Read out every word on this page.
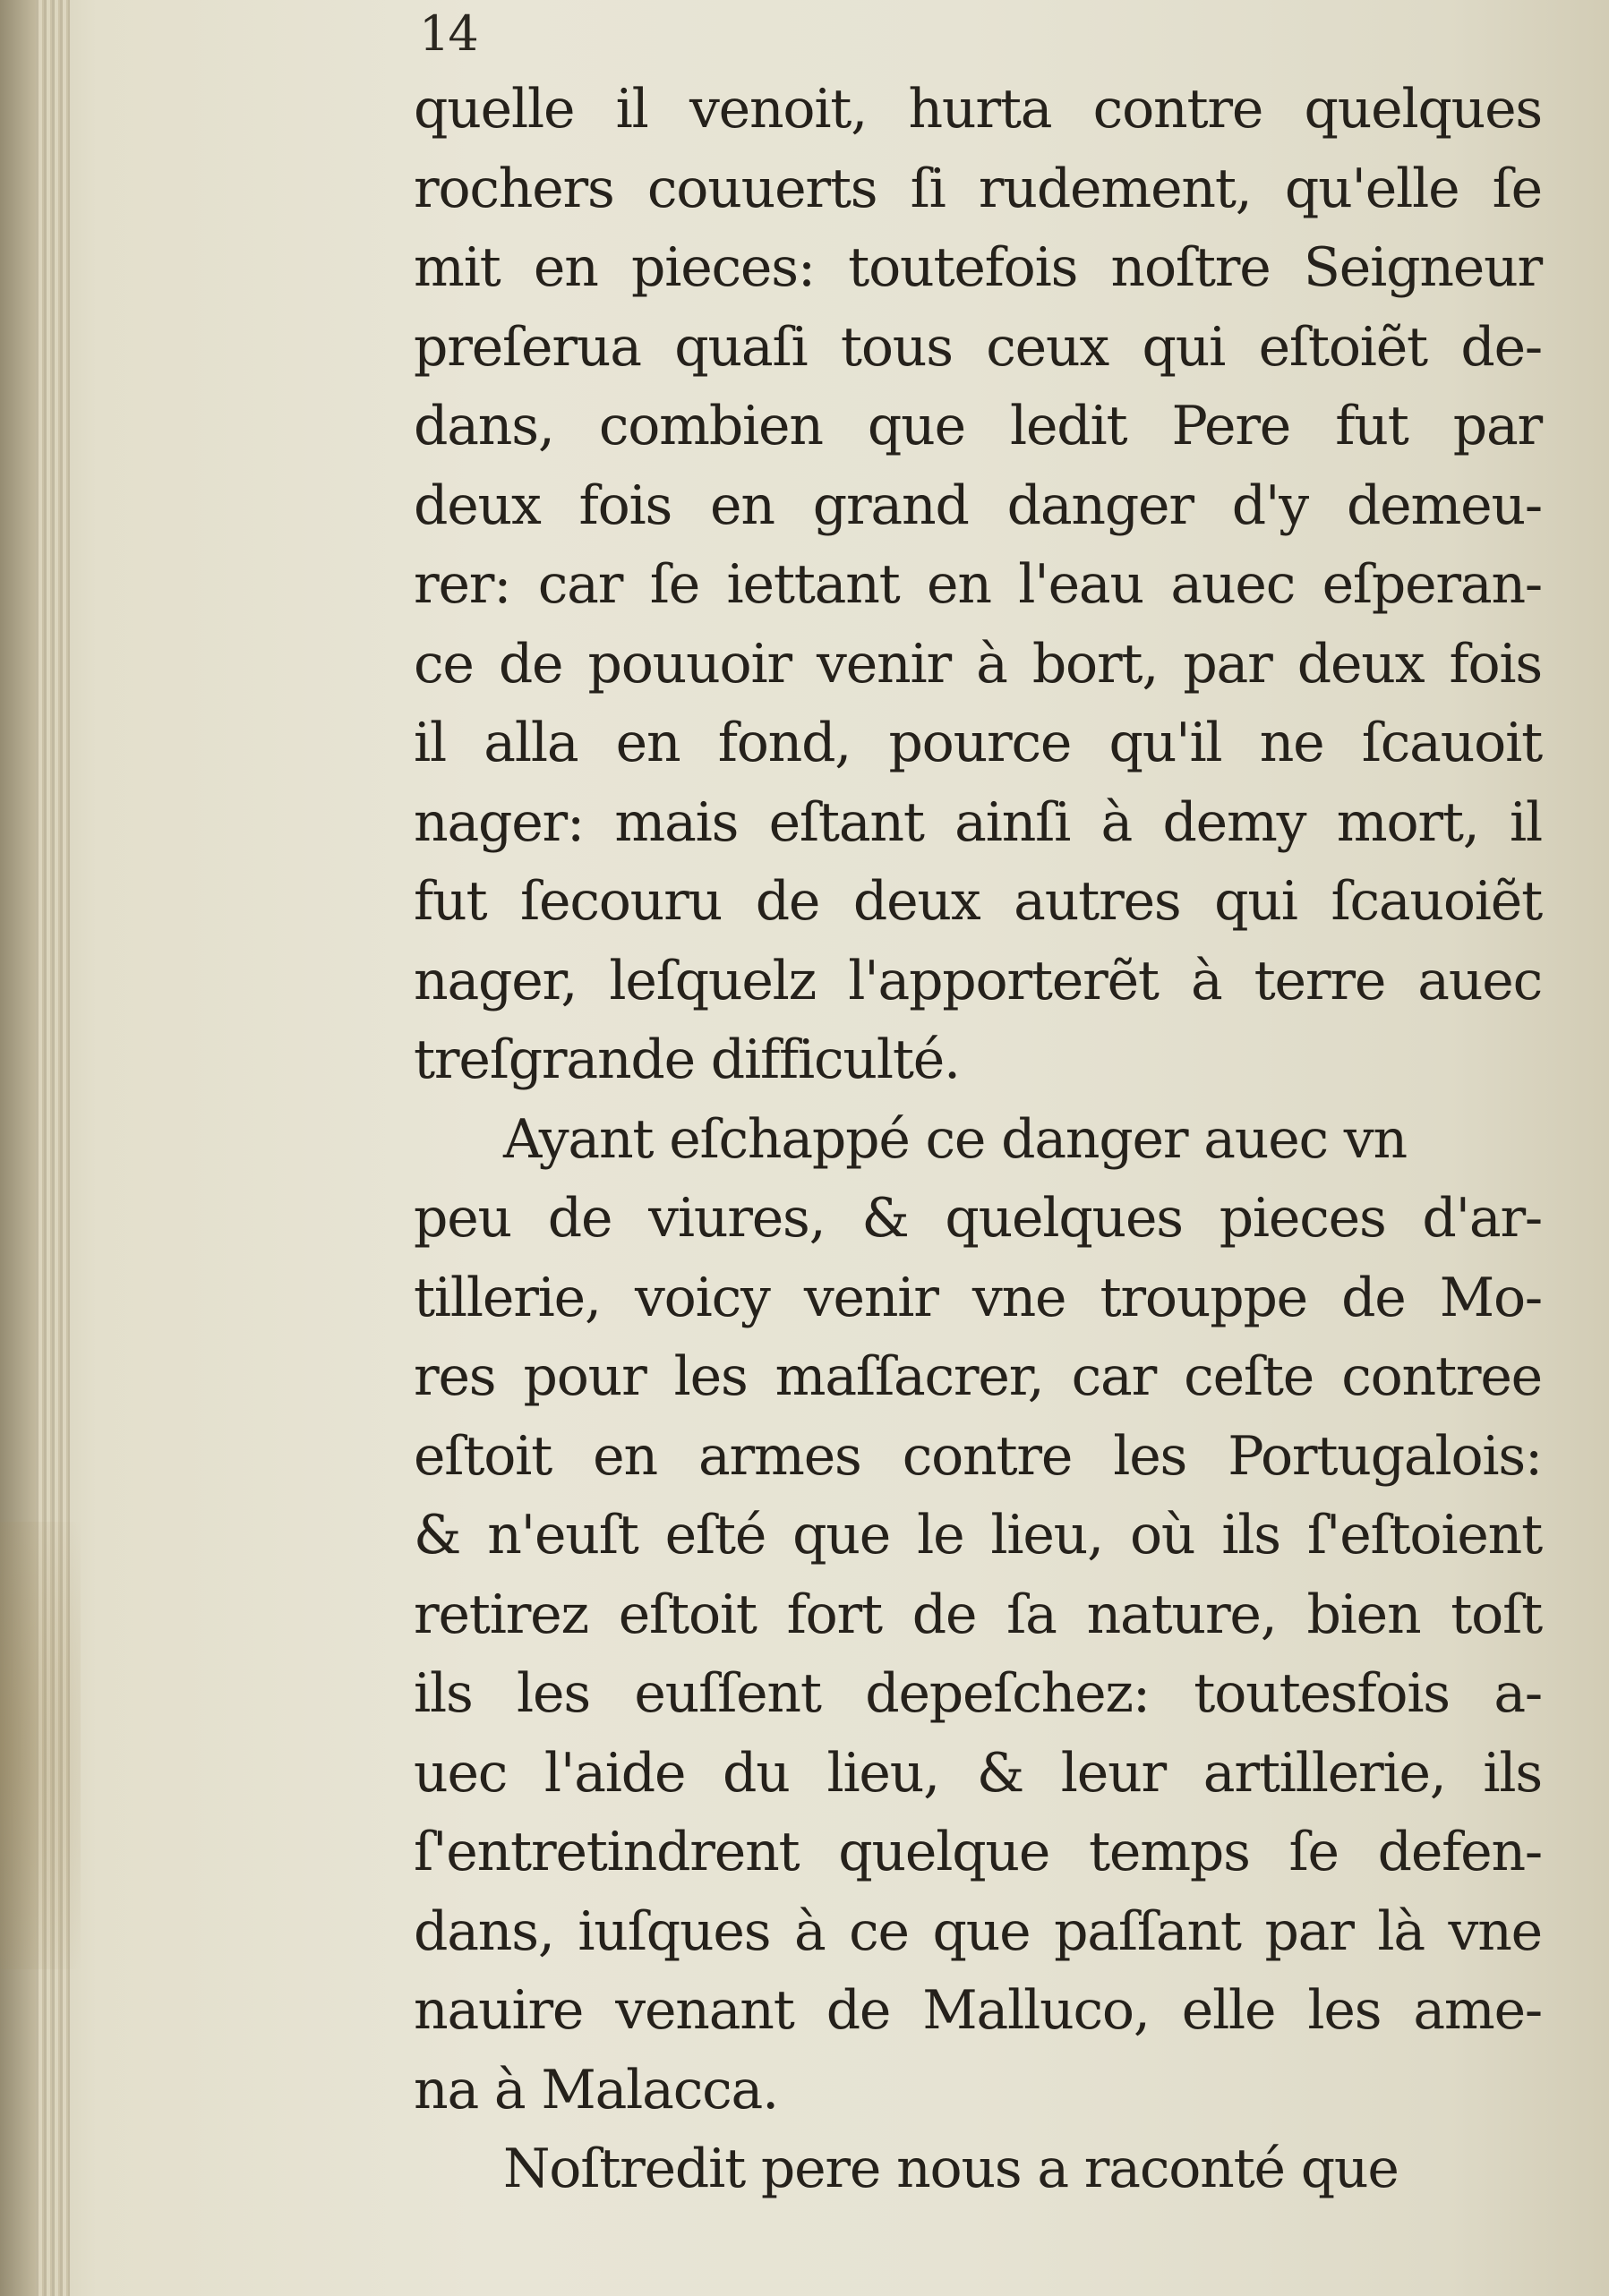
14
quelle il venoit, hurta contre quelques
rochers couuerts ſi rudement, qu'elle ſe
mit en pieces: toutefois noſtre Seigneur
preſerua quaſi tous ceux qui eſtoiẽt de-
dans, combien que ledit Pere fut par
deux fois en grand danger d'y demeu-
rer: car ſe iettant en l'eau auec eſperan-
ce de pouuoir venir à bort, par deux fois
il alla en fond, pource qu'il ne ſcauoit
nager: mais eſtant ainſi à demy mort, il
fut ſecouru de deux autres qui ſcauoiẽt
nager, leſquelz l'apporterẽt à terre auec
treſgrande difficulté.
Ayant eſchappé ce danger auec vn
peu de viures, & quelques pieces d'ar-
tillerie, voicy venir vne trouppe de Mo-
res pour les maſſacrer, car ceſte contree
eſtoit en armes contre les Portugalois:
& n'euſt eſté que le lieu, où ils ſ'eſtoient
retirez eſtoit fort de ſa nature, bien toſt
ils les euſſent depeſchez: toutesfois a-
uec l'aide du lieu, & leur artillerie, ils
ſ'entretindrent quelque temps ſe defen-
dans, iuſques à ce que paſſant par là vne
nauire venant de Malluco, elle les ame-
na à Malacca.
Noſtredit pere nous a raconté que
